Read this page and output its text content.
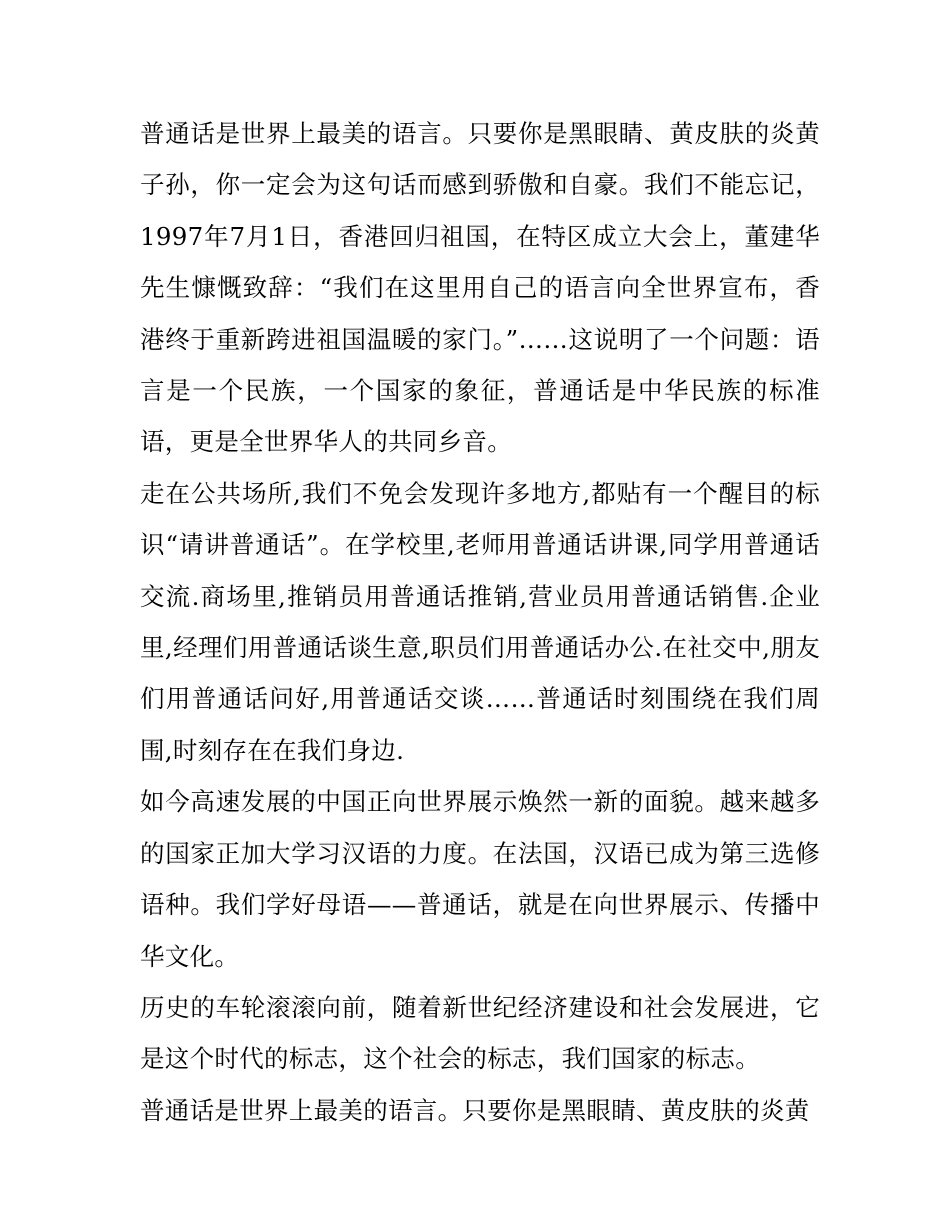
普通话是世界上最美的语言。只要你是黑眼睛、黄皮肤的炎黄子孙，你一定会为这句话而感到骄傲和自豪。我们不能忘记，1997年7月1日，香港回归祖国，在特区成立大会上，董建华先生慷慨致辞：“我们在这里用自己的语言向全世界宣布，香港终于重新跨进祖国温暖的家门。”……这说明了一个问题：语言是一个民族，一个国家的象征，普通话是中华民族的标准语，更是全世界华人的共同乡音。

走在公共场所,我们不免会发现许多地方,都贴有一个醒目的标识“请讲普通话”。在学校里,老师用普通话讲课,同学用普通话交流.商场里,推销员用普通话推销,营业员用普通话销售.企业里,经理们用普通话谈生意,职员们用普通话办公.在社交中,朋友们用普通话问好,用普通话交谈……普通话时刻围绕在我们周围,时刻存在在我们身边.

如今高速发展的中国正向世界展示焕然一新的面貌。越来越多的国家正加大学习汉语的力度。在法国，汉语已成为第三选修语种。我们学好母语——普通话，就是在向世界展示、传播中华文化。

历史的车轮滚滚向前，随着新世纪经济建设和社会发展进，它是这个时代的标志，这个社会的标志，我们国家的标志。

普通话是世界上最美的语言。只要你是黑眼睛、黄皮肤的炎黄
